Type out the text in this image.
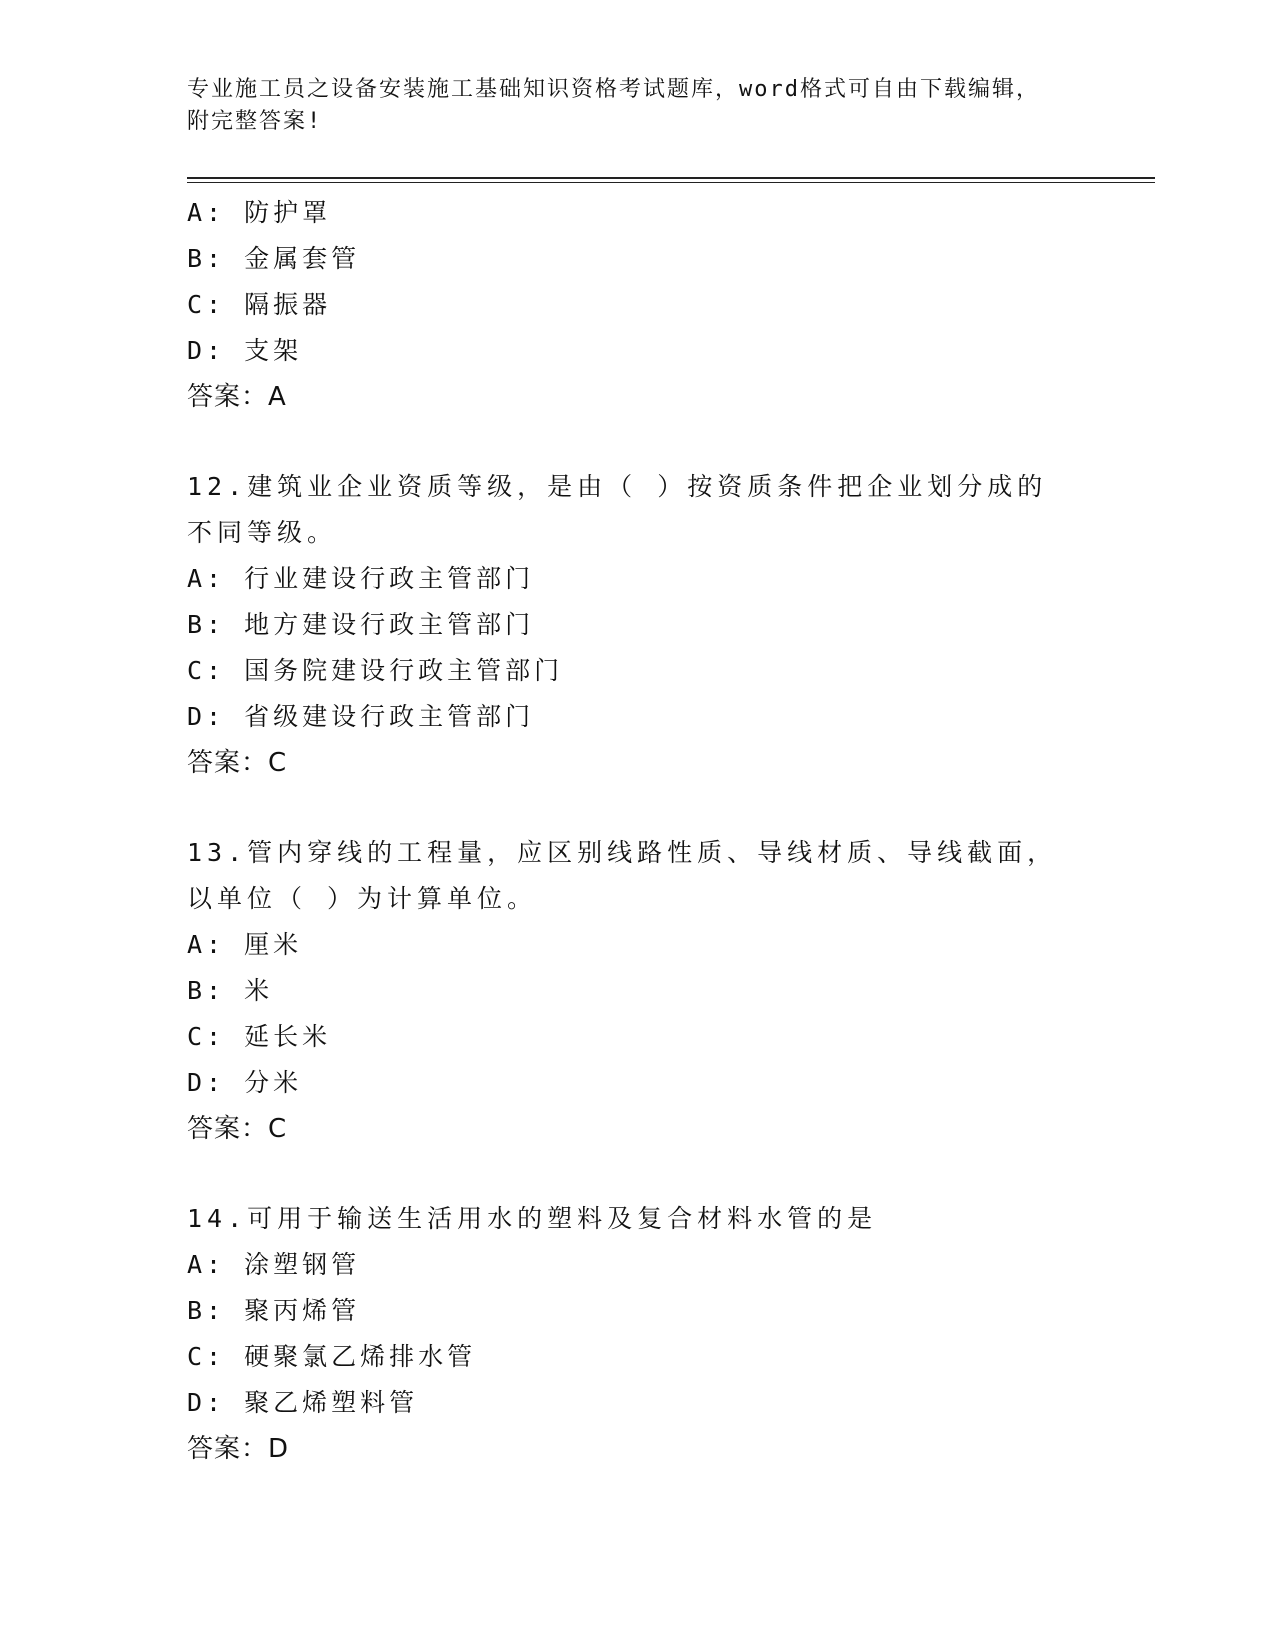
专业施工员之设备安装施工基础知识资格考试题库，word格式可自由下载编辑，
附完整答案!
A: 防护罩
B: 金属套管
C: 隔振器
D: 支架
答案：A
12.建筑业企业资质等级，是由（ ）按资质条件把企业划分成的不同等级。
A: 行业建设行政主管部门
B: 地方建设行政主管部门
C: 国务院建设行政主管部门
D: 省级建设行政主管部门
答案：C
13.管内穿线的工程量，应区别线路性质、导线材质、导线截面，以单位（ ）为计算单位。
A: 厘米
B: 米
C: 延长米
D: 分米
答案：C
14.可用于输送生活用水的塑料及复合材料水管的是
A: 涂塑钢管
B: 聚丙烯管
C: 硬聚氯乙烯排水管
D: 聚乙烯塑料管
答案：D
